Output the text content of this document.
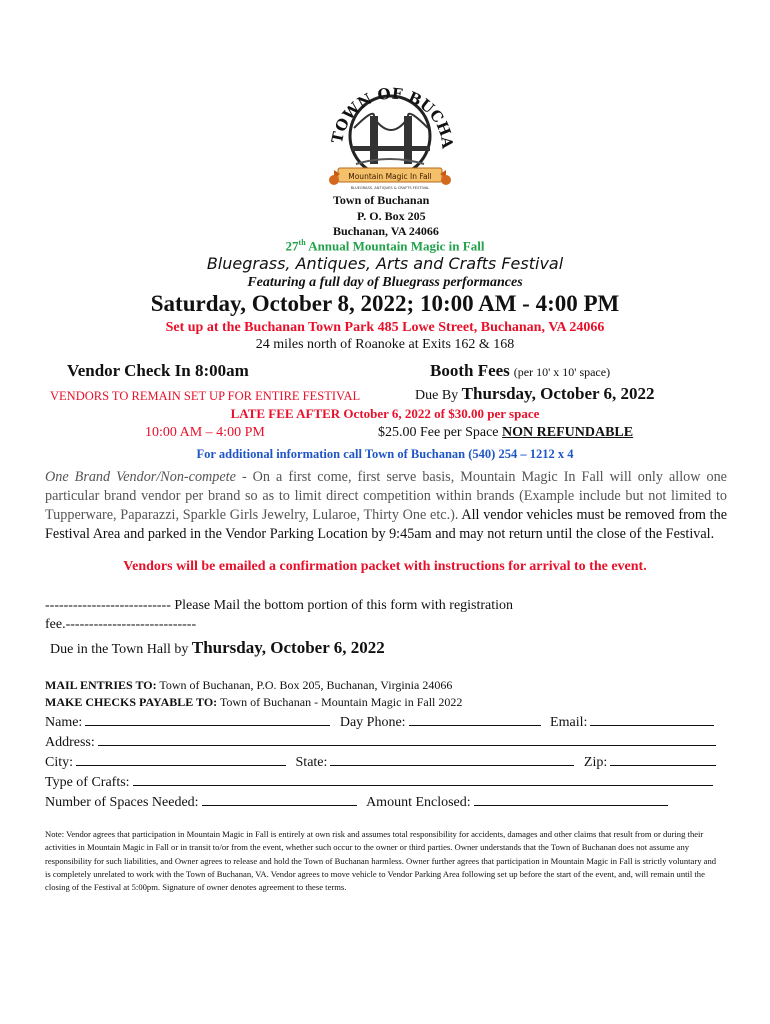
TOWN OF BUCHA
Mountain Magic In Fall
BLUEGRASS, ANTIQUES & CRAFTS FESTIVAL
Town of Buchanan
P. O. Box 205
Buchanan, VA 24066
27th Annual Mountain Magic in Fall
Bluegrass, Antiques, Arts and Crafts Festival
Featuring a full day of Bluegrass performances
Saturday, October 8, 2022; 10:00 AM - 4:00 PM
Set up at the Buchanan Town Park 485 Lowe Street, Buchanan, VA 24066
24 miles north of Roanoke at Exits 162 & 168
Vendor Check In 8:00am	Booth Fees (per 10' x 10' space)
VENDORS TO REMAIN SET UP FOR ENTIRE FESTIVAL	Due By Thursday, October 6, 2022
LATE FEE AFTER October 6, 2022 of $30.00 per space
10:00 AM – 4:00 PM	$25.00 Fee per Space NON REFUNDABLE
For additional information call Town of Buchanan (540) 254 – 1212 x 4
One Brand Vendor/Non-compete - On a first come, first serve basis, Mountain Magic In Fall will only allow one particular brand vendor per brand so as to limit direct competition within brands (Example include but not limited to Tupperware, Paparazzi, Sparkle Girls Jewelry, Lularoe, Thirty One etc.). All vendor vehicles must be removed from the Festival Area and parked in the Vendor Parking Location by 9:45am and may not return until the close of the Festival.
Vendors will be emailed a confirmation packet with instructions for arrival to the event.
--------------------------- Please Mail the bottom portion of this form with registration
fee.----------------------------
Due in the Town Hall by Thursday, October 6, 2022
MAIL ENTRIES TO: Town of Buchanan, P.O. Box 205, Buchanan, Virginia 24066
MAKE CHECKS PAYABLE TO: Town of Buchanan - Mountain Magic in Fall 2022
Name:	Day Phone:	Email:
Address:
City:	State:	Zip:
Type of Crafts:
Number of Spaces Needed:	Amount Enclosed:
Note: Vendor agrees that participation in Mountain Magic in Fall is entirely at own risk and assumes total responsibility for accidents, damages and other claims that result from or during their activities in Mountain Magic in Fall or in transit to/or from the event, whether such occur to the owner or third parties. Owner understands that the Town of Buchanan does not assume any responsibility for such liabilities, and Owner agrees to release and hold the Town of Buchanan harmless. Owner further agrees that participation in Mountain Magic in Fall is strictly voluntary and is completely unrelated to work with the Town of Buchanan, VA. Vendor agrees to move vehicle to Vendor Parking Area following set up before the start of the event, and, will remain until the closing of the Festival at 5:00pm. Signature of owner denotes agreement to these terms.
